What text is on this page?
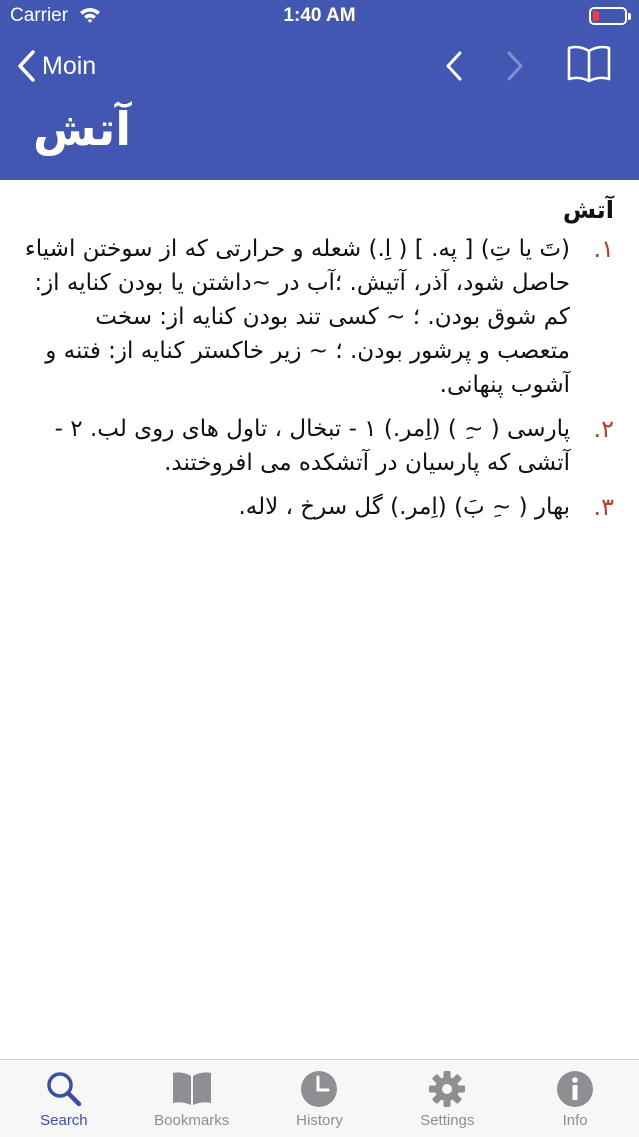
Carrier	1:40 AM
Moin
آتش
آتش
۱.
(تَ یا تِ) [ په. ] ( اِ.) شعله و حرارتی که از سوختن اشیاء حاصل شود، آذر، آتیش. ؛آب در ~داشتن یا بودن کنایه از: کم شوق بودن. ؛ ~ کسی تند بودن کنایه از: سخت متعصب و پرشور بودن. ؛ ~ زیر خاکستر کنایه از: فتنه و آشوب پنهانی.
۲.
پارسی ( ~ِ ) (اِمر.) ۱ - تبخال ، تاول های روی لب. ۲ - آتشی که پارسیان در آتشکده می افروختند.
۳.
بهار ( ~ِ بَ) (اِمر.) گل سرخ ، لاله.
Search	Bookmarks	History	Settings	Info
